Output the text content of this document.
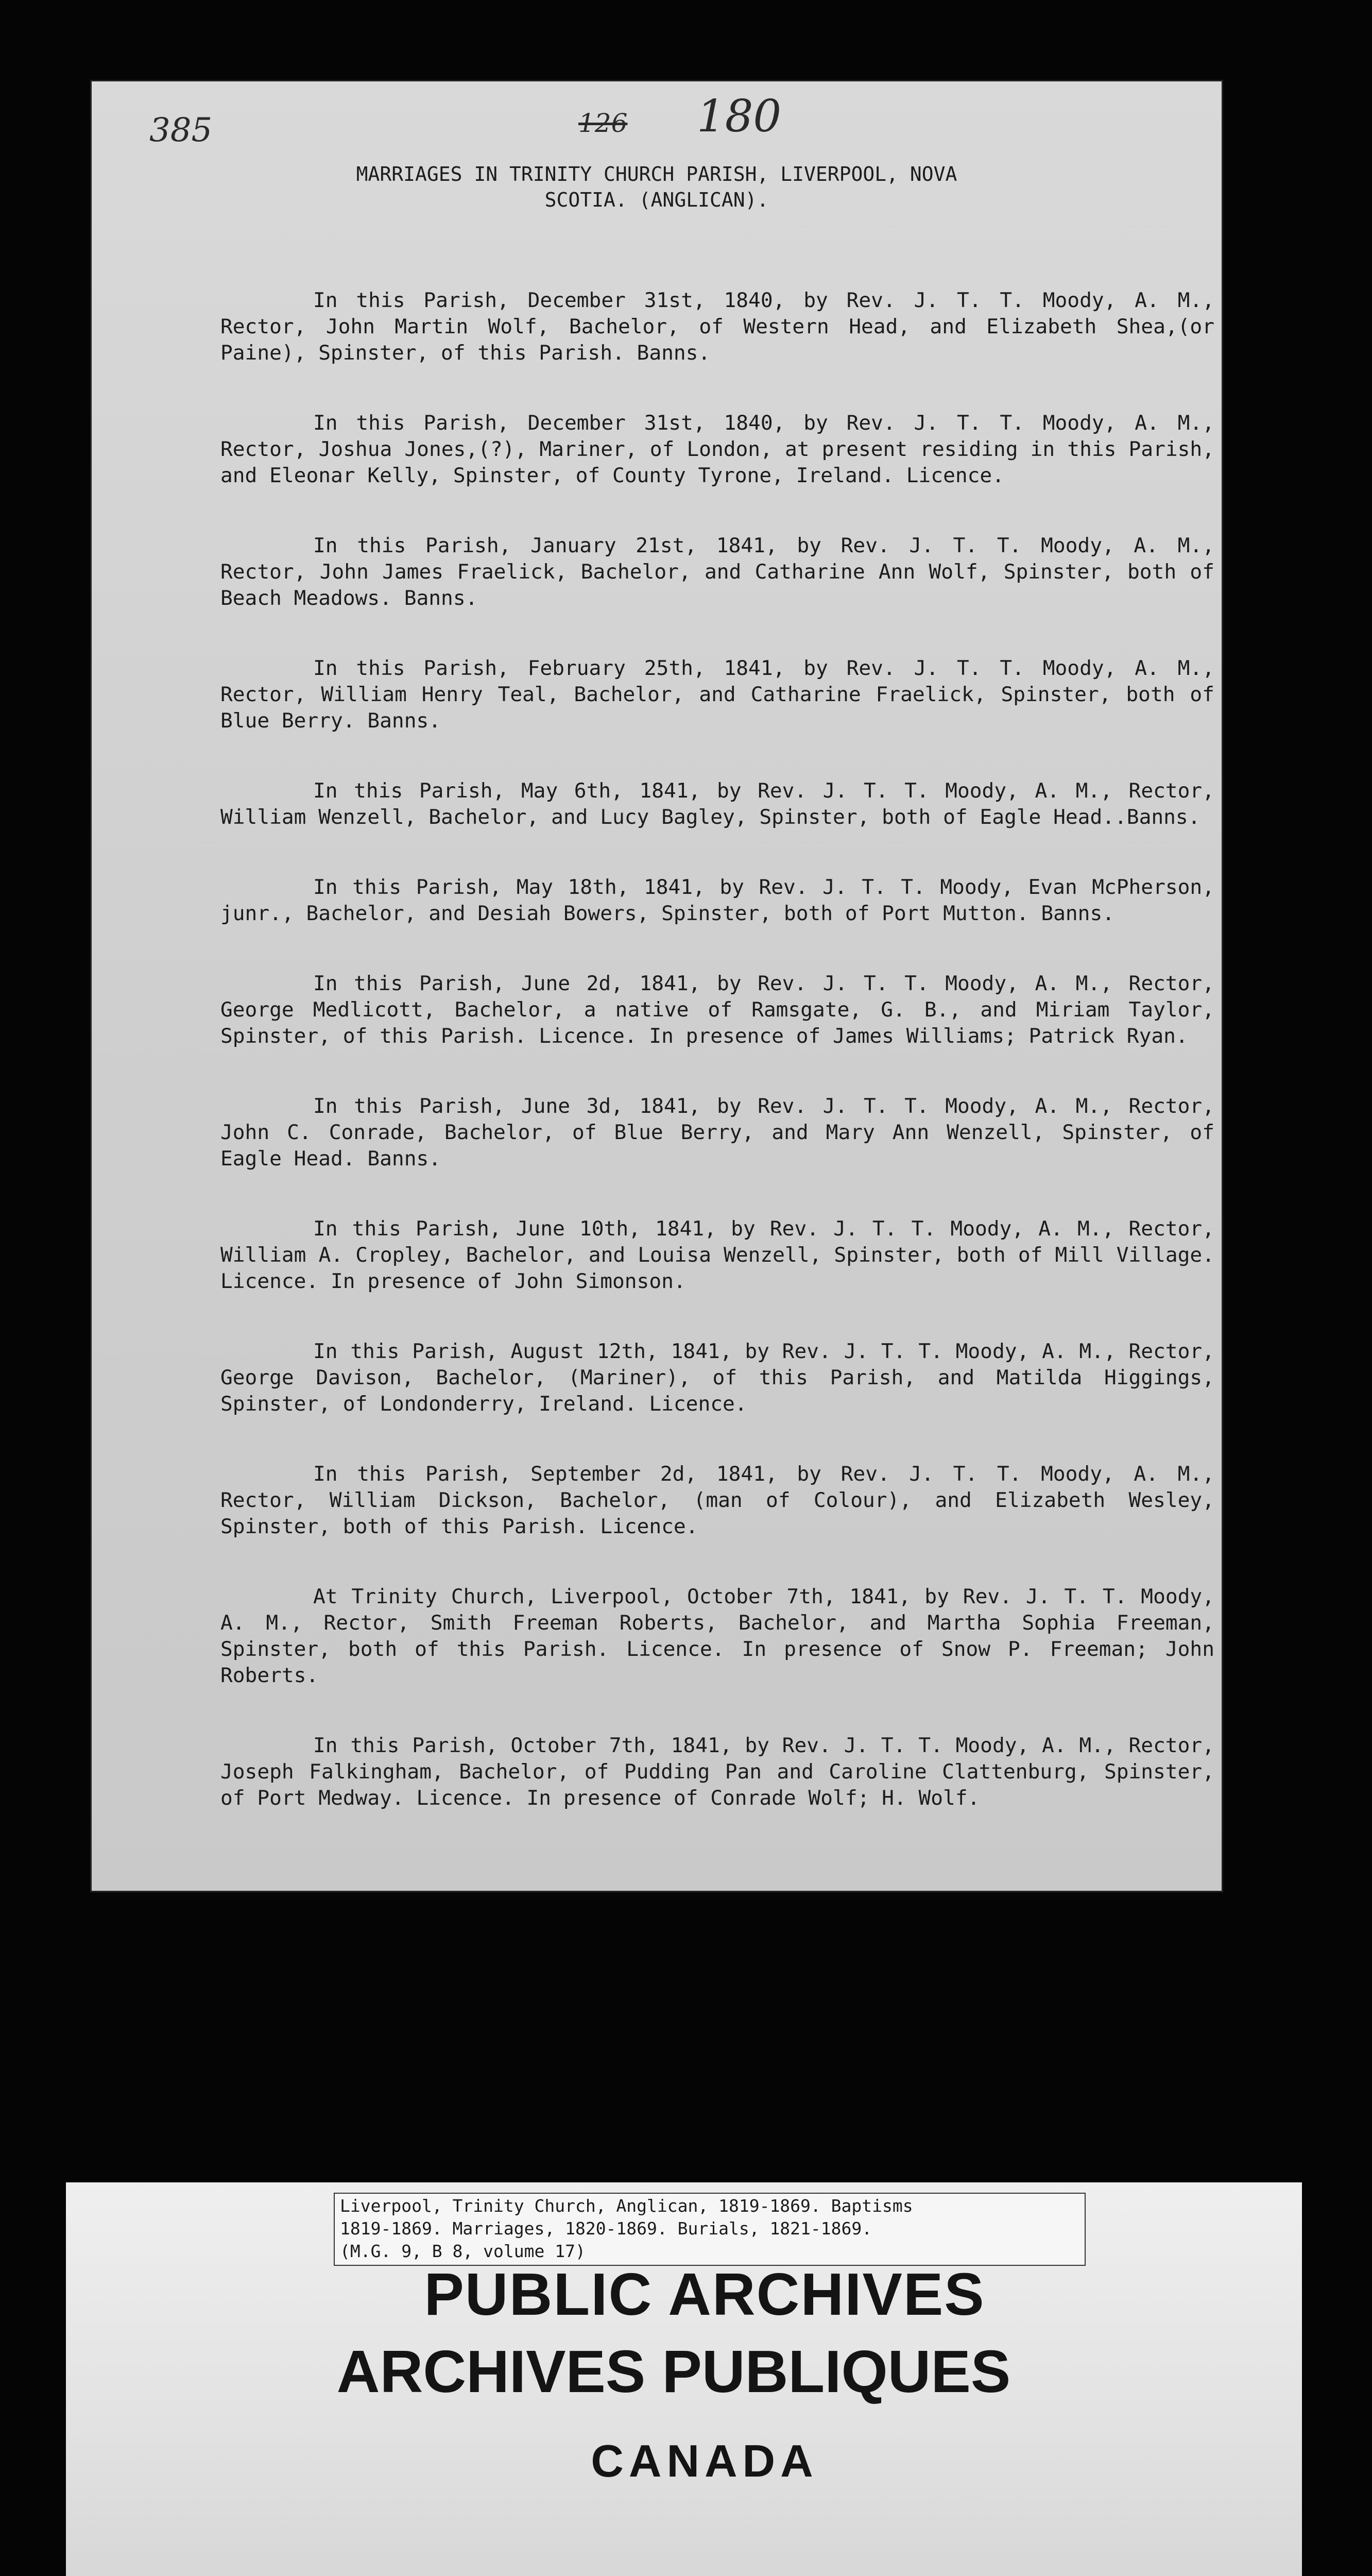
385	126 180
MARRIAGES IN TRINITY CHURCH PARISH, LIVERPOOL, NOVA
SCOTIA. (ANGLICAN).

In this Parish, December 31st, 1840, by Rev. J. T. T. Moody, A. M., Rector, John Martin Wolf, Bachelor, of Western Head, and Elizabeth Shea,(or Paine), Spinster, of this Parish. Banns.

In this Parish, December 31st, 1840, by Rev. J. T. T. Moody, A. M., Rector, Joshua Jones,(?), Mariner, of London, at present residing in this Parish, and Eleonar Kelly, Spinster, of County Tyrone, Ireland. Licence.

In this Parish, January 21st, 1841, by Rev. J. T. T. Moody, A. M., Rector, John James Fraelick, Bachelor, and Catharine Ann Wolf, Spinster, both of Beach Meadows. Banns.

In this Parish, February 25th, 1841, by Rev. J. T. T. Moody, A. M., Rector, William Henry Teal, Bachelor, and Catharine Fraelick, Spinster, both of Blue Berry. Banns.

In this Parish, May 6th, 1841, by Rev. J. T. T. Moody, A. M., Rector, William Wenzell, Bachelor, and Lucy Bagley, Spinster, both of Eagle Head..Banns.

In this Parish, May 18th, 1841, by Rev. J. T. T. Moody, Evan McPherson, junr., Bachelor, and Desiah Bowers, Spinster, both of Port Mutton. Banns.

In this Parish, June 2d, 1841, by Rev. J. T. T. Moody, A. M., Rector, George Medlicott, Bachelor, a native of Ramsgate, G. B., and Miriam Taylor, Spinster, of this Parish. Licence. In presence of James Williams; Patrick Ryan.

In this Parish, June 3d, 1841, by Rev. J. T. T. Moody, A. M., Rector, John C. Conrade, Bachelor, of Blue Berry, and Mary Ann Wenzell, Spinster, of Eagle Head. Banns.

In this Parish, June 10th, 1841, by Rev. J. T. T. Moody, A. M., Rector, William A. Cropley, Bachelor, and Louisa Wenzell, Spinster, both of Mill Village. Licence. In presence of John Simonson.

In this Parish, August 12th, 1841, by Rev. J. T. T. Moody, A. M., Rector, George Davison, Bachelor, (Mariner), of this Parish, and Matilda Higgings, Spinster, of Londonderry, Ireland. Licence.

In this Parish, September 2d, 1841, by Rev. J. T. T. Moody, A. M., Rector, William Dickson, Bachelor, (man of Colour), and Elizabeth Wesley, Spinster, both of this Parish. Licence.

At Trinity Church, Liverpool, October 7th, 1841, by Rev. J. T. T. Moody, A. M., Rector, Smith Freeman Roberts, Bachelor, and Martha Sophia Freeman, Spinster, both of this Parish. Licence. In presence of Snow P. Freeman; John Roberts.

In this Parish, October 7th, 1841, by Rev. J. T. T. Moody, A. M., Rector, Joseph Falkingham, Bachelor, of Pudding Pan and Caroline Clattenburg, Spinster, of Port Medway. Licence. In presence of Conrade Wolf; H. Wolf.

Liverpool, Trinity Church, Anglican, 1819-1869. Baptisms
1819-1869. Marriages, 1820-1869. Burials, 1821-1869.
(M.G. 9, B 8, volume 17)
PUBLIC ARCHIVES
ARCHIVES PUBLIQUES
CANADA
